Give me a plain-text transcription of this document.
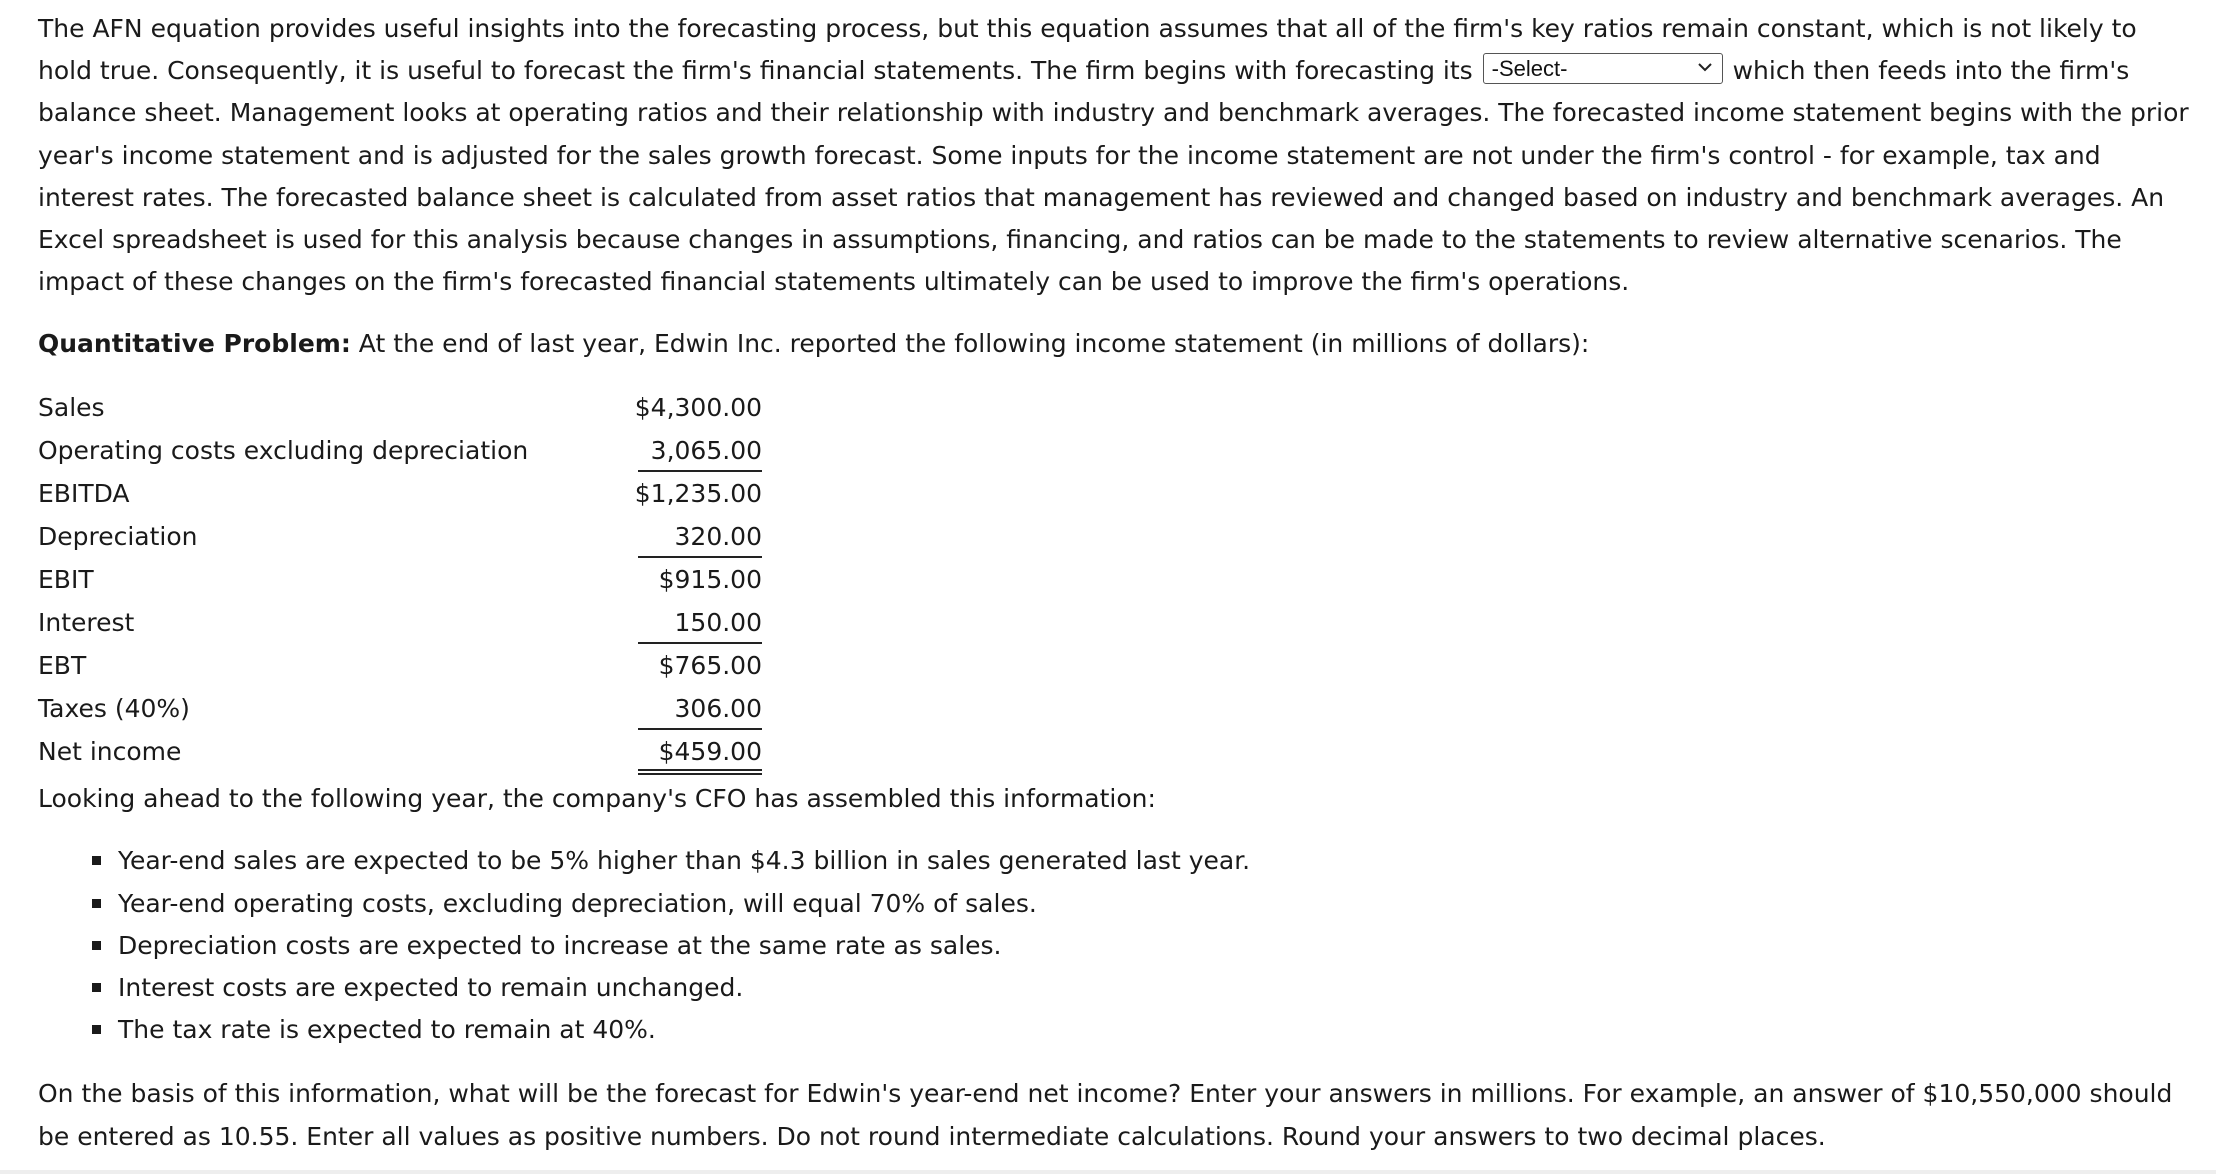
The AFN equation provides useful insights into the forecasting process, but this equation assumes that all of the firm's key ratios remain constant, which is not likely to hold true. Consequently, it is useful to forecast the firm's financial statements. The firm begins with forecasting its -Select-	which then feeds into the firm's balance sheet. Management looks at operating ratios and their relationship with industry and benchmark averages. The forecasted income statement begins with the prior year's income statement and is adjusted for the sales growth forecast. Some inputs for the income statement are not under the firm's control - for example, tax and interest rates. The forecasted balance sheet is calculated from asset ratios that management has reviewed and changed based on industry and benchmark averages. An Excel spreadsheet is used for this analysis because changes in assumptions, financing, and ratios can be made to the statements to review alternative scenarios. The impact of these changes on the firm's forecasted financial statements ultimately can be used to improve the firm's operations.

Quantitative Problem: At the end of last year, Edwin Inc. reported the following income statement (in millions of dollars):

Sales	$4,300.00
Operating costs excluding depreciation	3,065.00
EBITDA	$1,235.00
Depreciation	320.00
EBIT	$915.00
Interest	150.00
EBT	$765.00
Taxes (40%)	306.00
Net income	$459.00

Looking ahead to the following year, the company's CFO has assembled this information:

Year-end sales are expected to be 5% higher than $4.3 billion in sales generated last year.
Year-end operating costs, excluding depreciation, will equal 70% of sales.
Depreciation costs are expected to increase at the same rate as sales.
Interest costs are expected to remain unchanged.
The tax rate is expected to remain at 40%.

On the basis of this information, what will be the forecast for Edwin's year-end net income? Enter your answers in millions. For example, an answer of $10,550,000 should be entered as 10.55. Enter all values as positive numbers. Do not round intermediate calculations. Round your answers to two decimal places.
